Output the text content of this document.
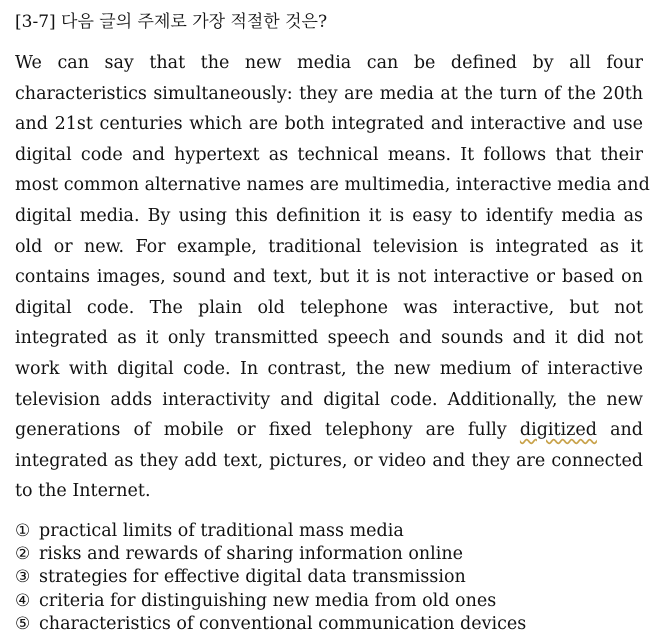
[3-7] 다음 글의 주제로 가장 적절한 것은?
We can say that the new media can be defined by all four
characteristics simultaneously: they are media at the turn of the 20th
and 21st centuries which are both integrated and interactive and use
digital code and hypertext as technical means. It follows that their
most common alternative names are multimedia, interactive media and
digital media. By using this definition it is easy to identify media as
old or new. For example, traditional television is integrated as it
contains images, sound and text, but it is not interactive or based on
digital code. The plain old telephone was interactive, but not
integrated as it only transmitted speech and sounds and it did not
work with digital code. In contrast, the new medium of interactive
television adds interactivity and digital code. Additionally, the new
generations of mobile or fixed telephony are fully digitized and
integrated as they add text, pictures, or video and they are connected
to the Internet.
① practical limits of traditional mass media
② risks and rewards of sharing information online
③ strategies for effective digital data transmission
④ criteria for distinguishing new media from old ones
⑤ characteristics of conventional communication devices
